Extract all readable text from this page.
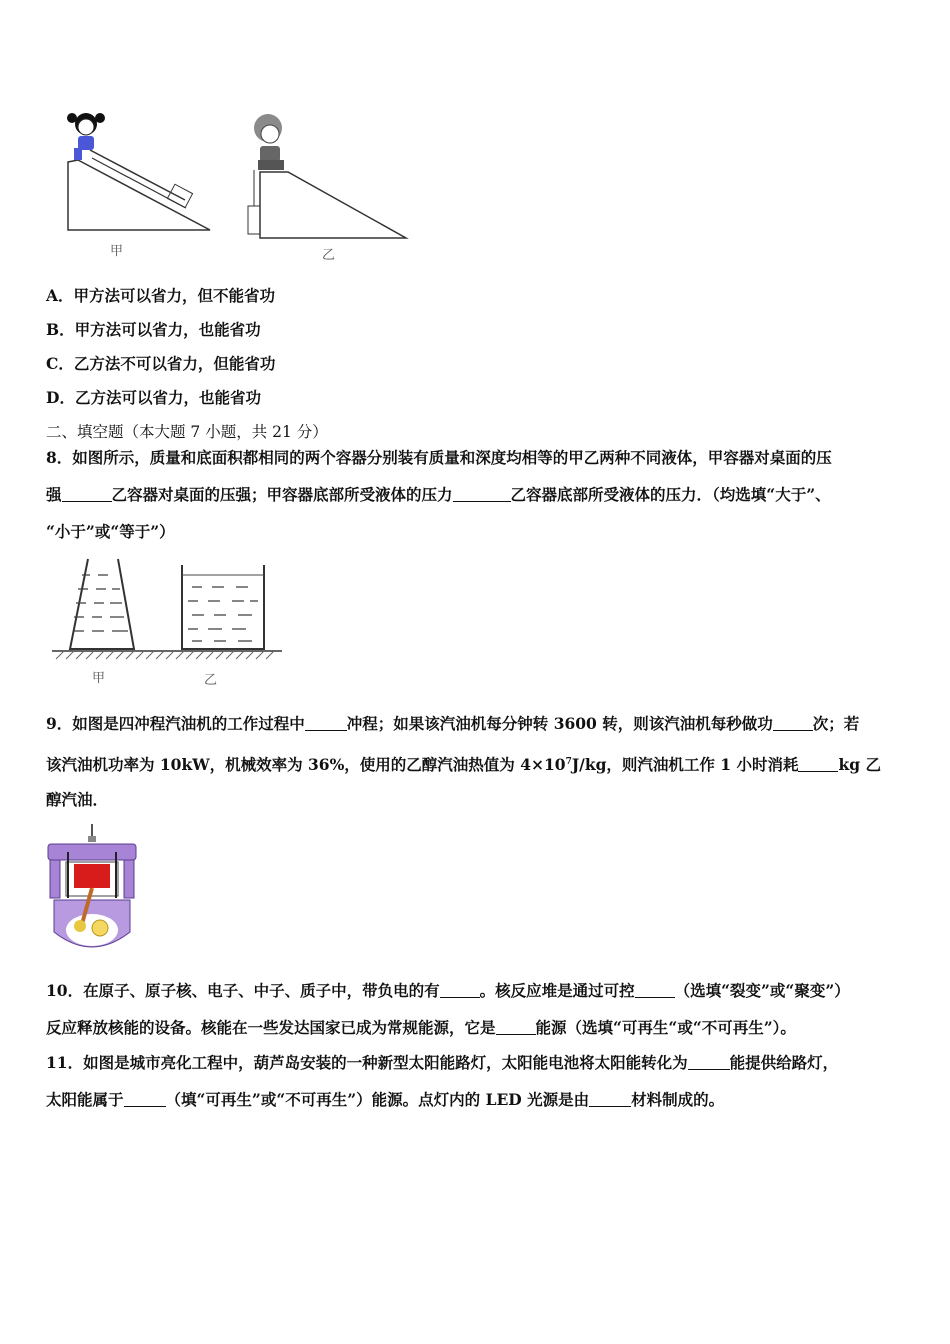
甲	乙
A．甲方法可以省力，但不能省功
B．甲方法可以省力，也能省功
C．乙方法不可以省力，但能省功
D．乙方法可以省力，也能省功
二、填空题（本大题 7 小题，共 21 分）
8．如图所示，质量和底面积都相同的两个容器分别装有质量和深度均相等的甲乙两种不同液体，甲容器对桌面的压
强	乙容器对桌面的压强；甲容器底部所受液体的压力	乙容器底部所受液体的压力．（均选填“大于”、
“小于”或“等于”）
甲	乙
9．如图是四冲程汽油机的工作过程中	冲程；如果该汽油机每分钟转 3600 转，则该汽油机每秒做功	次；若
该汽油机功率为 10kW，机械效率为 36%，使用的乙醇汽油热值为 $4\times 10^7J/kg$，则汽油机工作 1 小时消耗	kg 乙
醇汽油．
10．在原子、原子核、电子、中子、质子中，带负电的有	。核反应堆是通过可控	（选填“裂变”或“聚变”）
反应释放核能的设备。核能在一些发达国家已成为常规能源，它是	能源（选填“可再生“或“不可再生”）。
11．如图是城市亮化工程中，葫芦岛安装的一种新型太阳能路灯，太阳能电池将太阳能转化为	能提供给路灯，
太阳能属于	（填“可再生”或“不可再生”）能源。点灯内的 LED 光源是由	材料制成的。
